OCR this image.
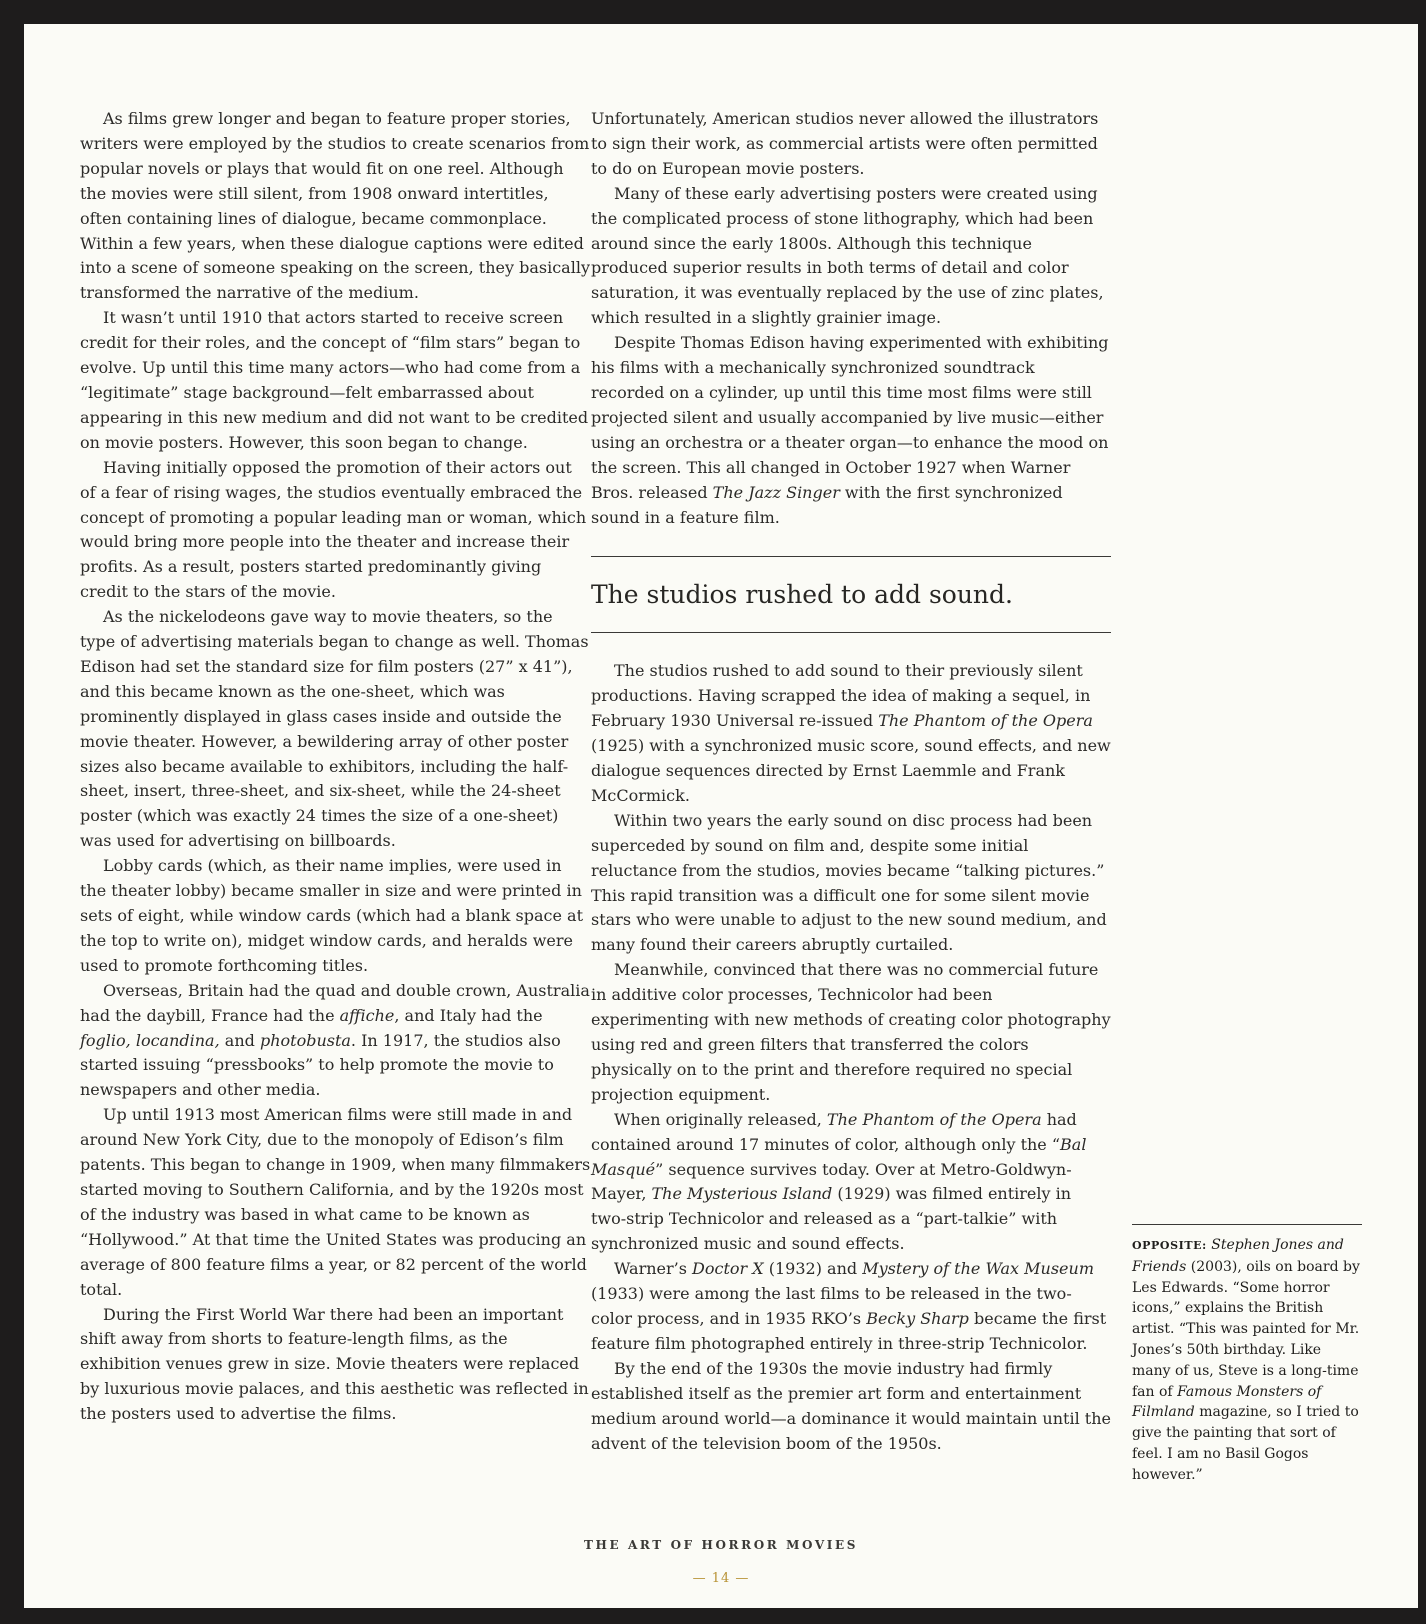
As films grew longer and began to feature proper stories, writers were employed by the studios to create scenarios from popular novels or plays that would fit on one reel. Although the movies were still silent, from 1908 onward intertitles, often containing lines of dialogue, became commonplace. Within a few years, when these dialogue captions were edited into a scene of someone speaking on the screen, they basically transformed the narrative of the medium.

It wasn’t until 1910 that actors started to receive screen credit for their roles, and the concept of “film stars” began to evolve. Up until this time many actors—who had come from a “legitimate” stage background—felt embarrassed about appearing in this new medium and did not want to be credited on movie posters. However, this soon began to change.

Having initially opposed the promotion of their actors out of a fear of rising wages, the studios eventually embraced the concept of promoting a popular leading man or woman, which would bring more people into the theater and increase their profits. As a result, posters started predominantly giving credit to the stars of the movie.

As the nickelodeons gave way to movie theaters, so the type of advertising materials began to change as well. Thomas Edison had set the standard size for film posters (27” x 41”), and this became known as the one-sheet, which was prominently displayed in glass cases inside and outside the movie theater. However, a bewildering array of other poster sizes also became available to exhibitors, including the half-sheet, insert, three-sheet, and six-sheet, while the 24-sheet poster (which was exactly 24 times the size of a one-sheet) was used for advertising on billboards.

Lobby cards (which, as their name implies, were used in the theater lobby) became smaller in size and were printed in sets of eight, while window cards (which had a blank space at the top to write on), midget window cards, and heralds were used to promote forthcoming titles.

Overseas, Britain had the quad and double crown, Australia had the daybill, France had the affiche, and Italy had the foglio, locandina, and photobusta. In 1917, the studios also started issuing “pressbooks” to help promote the movie to newspapers and other media.

Up until 1913 most American films were still made in and around New York City, due to the monopoly of Edison’s film patents. This began to change in 1909, when many filmmakers started moving to Southern California, and by the 1920s most of the industry was based in what came to be known as “Hollywood.” At that time the United States was producing an average of 800 feature films a year, or 82 percent of the world total.

During the First World War there had been an important shift away from shorts to feature-length films, as the exhibition venues grew in size. Movie theaters were replaced by luxurious movie palaces, and this aesthetic was reflected in the posters used to advertise the films.

Unfortunately, American studios never allowed the illustrators to sign their work, as commercial artists were often permitted to do on European movie posters.

Many of these early advertising posters were created using the complicated process of stone lithography, which had been around since the early 1800s. Although this technique produced superior results in both terms of detail and color saturation, it was eventually replaced by the use of zinc plates, which resulted in a slightly grainier image.

Despite Thomas Edison having experimented with exhibiting his films with a mechanically synchronized soundtrack recorded on a cylinder, up until this time most films were still projected silent and usually accompanied by live music—either using an orchestra or a theater organ—to enhance the mood on the screen. This all changed in October 1927 when Warner Bros. released The Jazz Singer with the first synchronized sound in a feature film.

The studios rushed to add sound.

The studios rushed to add sound to their previously silent productions. Having scrapped the idea of making a sequel, in February 1930 Universal re-issued The Phantom of the Opera (1925) with a synchronized music score, sound effects, and new dialogue sequences directed by Ernst Laemmle and Frank McCormick.

Within two years the early sound on disc process had been superceded by sound on film and, despite some initial reluctance from the studios, movies became “talking pictures.” This rapid transition was a difficult one for some silent movie stars who were unable to adjust to the new sound medium, and many found their careers abruptly curtailed.

Meanwhile, convinced that there was no commercial future in additive color processes, Technicolor had been experimenting with new methods of creating color photography using red and green filters that transferred the colors physically on to the print and therefore required no special projection equipment.

When originally released, The Phantom of the Opera had contained around 17 minutes of color, although only the “Bal Masqué” sequence survives today. Over at Metro-Goldwyn-Mayer, The Mysterious Island (1929) was filmed entirely in two-strip Technicolor and released as a “part-talkie” with synchronized music and sound effects.

Warner’s Doctor X (1932) and Mystery of the Wax Museum (1933) were among the last films to be released in the two-color process, and in 1935 RKO’s Becky Sharp became the first feature film photographed entirely in three-strip Technicolor.

By the end of the 1930s the movie industry had firmly established itself as the premier art form and entertainment medium around world—a dominance it would maintain until the advent of the television boom of the 1950s.

OPPOSITE: Stephen Jones and Friends (2003), oils on board by Les Edwards. “Some horror icons,” explains the British artist. “This was painted for Mr. Jones’s 50th birthday. Like many of us, Steve is a long-time fan of Famous Monsters of Filmland magazine, so I tried to give the painting that sort of feel. I am no Basil Gogos however.”
THE ART OF HORROR MOVIES
— 14 —
